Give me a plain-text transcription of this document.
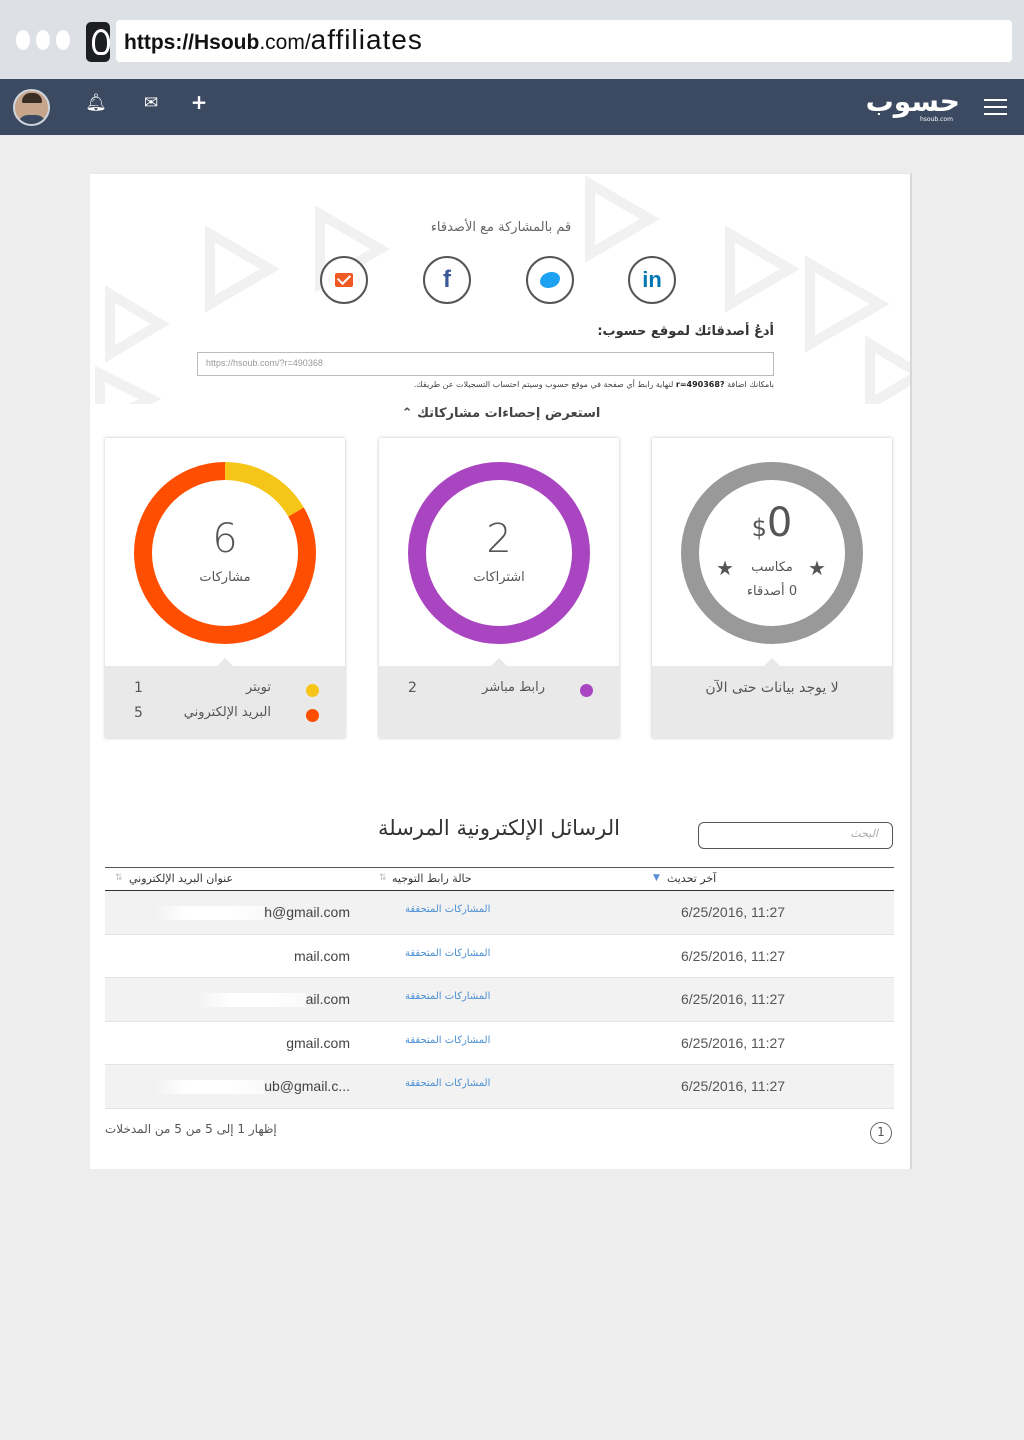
https://Hsoub.com/affiliates
🔔︎ ✉︎ +	حسوب
hsoub.com
قم بالمشاركة مع الأصدقاء
f	in
أدعُ أصدقائك لموقع حسوب:
https://hsoub.com/?r=490368
بامكانك اضافة ?r=490368 لنهاية رابط أي صفحة في موقع حسوب وسيتم احتساب التسجيلات عن طريقك.
استعرض إحصاءات مشاركاتك ⌃
6
مشاركات
1	تويتر
5	البريد الإلكتروني
2
اشتراكات
2	رابط مباشر
$0
★	★
مكاسب
0 أصدقاء
لا يوجد بيانات حتى الآن
الرسائل الإلكترونية المرسلة	البحث
⇅ عنوان البريد الإلكتروني	⇅ حالة رابط التوجيه	▼ آخر تحديث
h@gmail.com	المشاركات المتحققة	6/25/2016, 11:27
mail.com	المشاركات المتحققة	6/25/2016, 11:27
ail.com	المشاركات المتحققة	6/25/2016, 11:27
gmail.com	المشاركات المتحققة	6/25/2016, 11:27
ub@gmail.c...	المشاركات المتحققة	6/25/2016, 11:27
إظهار 1 إلى 5 من 5 من المدخلات	1
